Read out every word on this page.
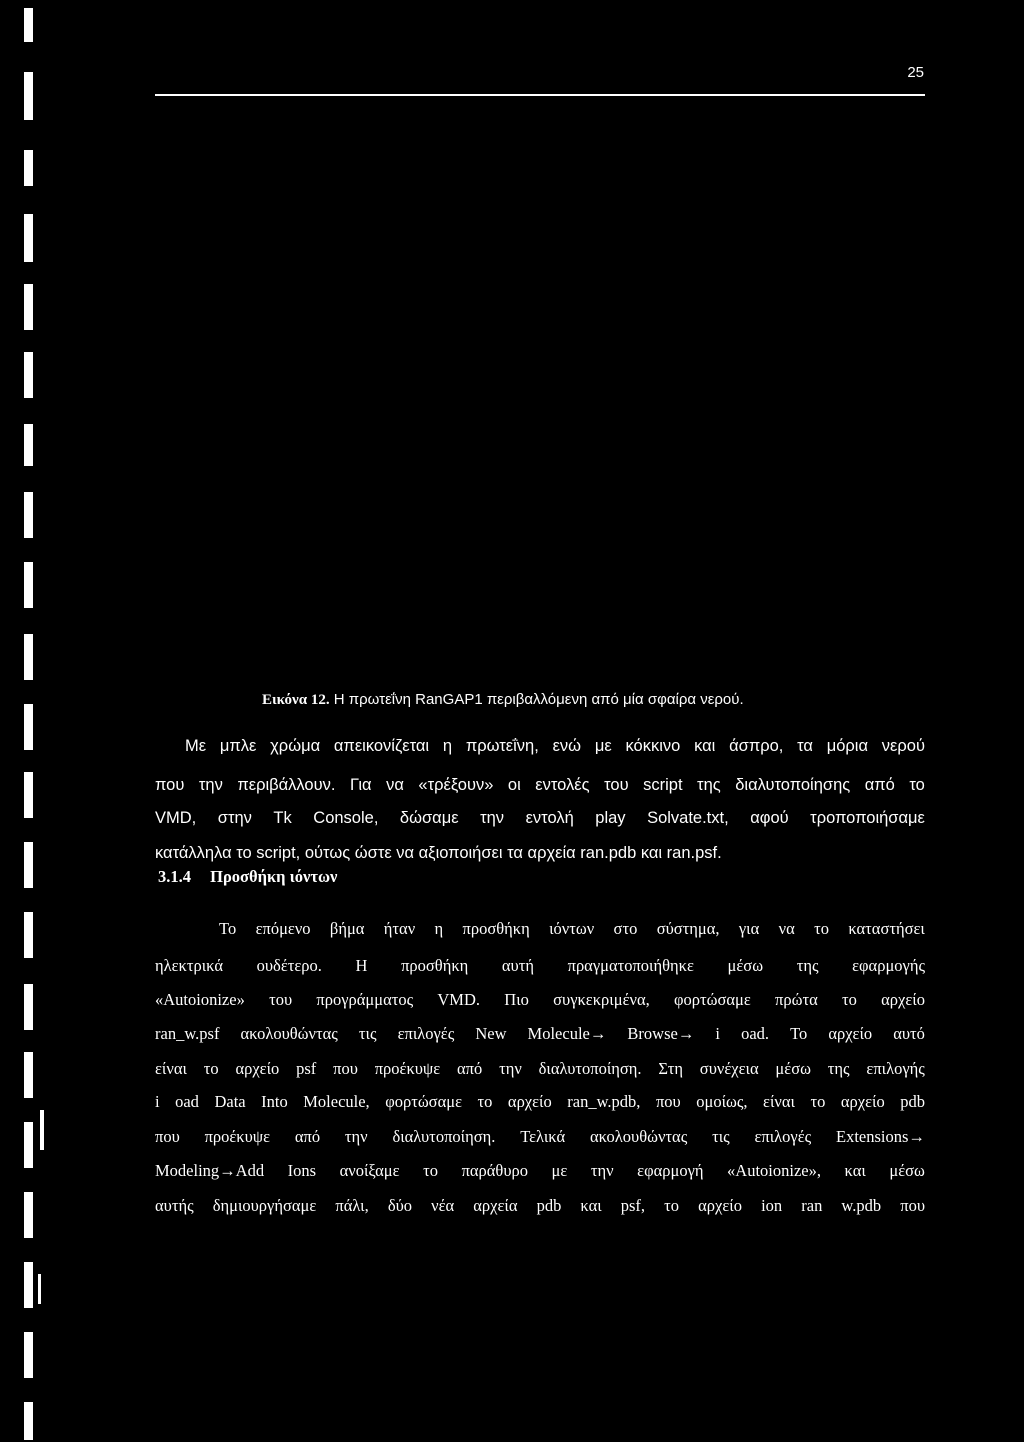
25
Εικόνα 12. Η πρωτεΐνη RanGAP1 περιβαλλόμενη από μία σφαίρα νερού.
Με μπλε χρώμα απεικονίζεται η πρωτεΐνη, ενώ με κόκκινο και άσπρο, τα μόρια νερού
που την περιβάλλουν. Για να «τρέξουν» οι εντολές του script της διαλυτοποίησης από το
VMD, στην Tk Console, δώσαμε την εντολή play Solvate.txt, αφού τροποποιήσαμε
κατάλληλα το script, ούτως ώστε να αξιοποιήσει τα αρχεία ran.pdb και ran.psf.
3.1.4 Προσθήκη ιόντων
Το επόμενο βήμα ήταν η προσθήκη ιόντων στο σύστημα, για να το καταστήσει
ηλεκτρικά ουδέτερο. Η προσθήκη αυτή πραγματοποιήθηκε μέσω της εφαρμογής
«Autoionize» του προγράμματος VMD. Πιο συγκεκριμένα, φορτώσαμε πρώτα το αρχείο
ran_w.psf ακολουθώντας τις επιλογές New Molecule→ Browse→ i oad. Το αρχείο αυτό
είναι το αρχείο psf που προέκυψε από την διαλυτοποίηση. Στη συνέχεια μέσω της επιλογής
i oad Data Into Molecule, φορτώσαμε το αρχείο ran_w.pdb, που ομοίως, είναι το αρχείο pdb
που προέκυψε από την διαλυτοποίηση. Τελικά ακολουθώντας τις επιλογές Extensions→
Modeling→Add Ions ανοίξαμε το παράθυρο με την εφαρμογή «Autoionize», και μέσω
αυτής δημιουργήσαμε πάλι, δύο νέα αρχεία pdb και psf, το αρχείο ion ran w.pdb που
